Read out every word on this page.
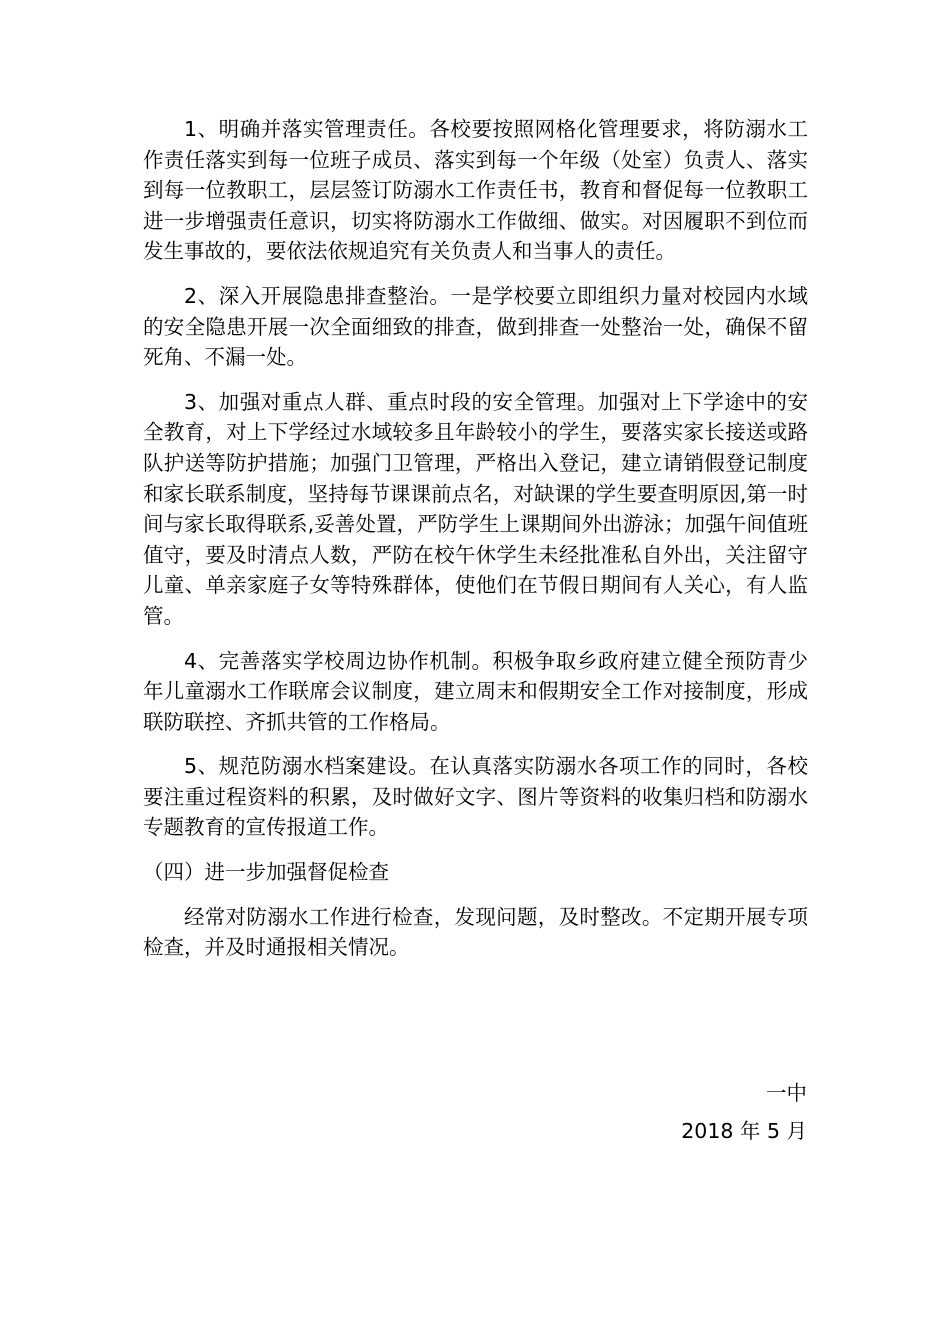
1、明确并落实管理责任。各校要按照网格化管理要求，将防溺水工作责任落实到每一位班子成员、落实到每一个年级（处室）负责人、落实到每一位教职工，层层签订防溺水工作责任书，教育和督促每一位教职工进一步增强责任意识，切实将防溺水工作做细、做实。对因履职不到位而发生事故的，要依法依规追究有关负责人和当事人的责任。

2、深入开展隐患排查整治。一是学校要立即组织力量对校园内水域的安全隐患开展一次全面细致的排查，做到排查一处整治一处，确保不留死角、不漏一处。

3、加强对重点人群、重点时段的安全管理。加强对上下学途中的安全教育，对上下学经过水域较多且年龄较小的学生，要落实家长接送或路队护送等防护措施；加强门卫管理，严格出入登记，建立请销假登记制度和家长联系制度，坚持每节课课前点名，对缺课的学生要查明原因,第一时间与家长取得联系,妥善处置，严防学生上课期间外出游泳；加强午间值班值守，要及时清点人数，严防在校午休学生未经批准私自外出，关注留守儿童、单亲家庭子女等特殊群体，使他们在节假日期间有人关心，有人监管。

4、完善落实学校周边协作机制。积极争取乡政府建立健全预防青少年儿童溺水工作联席会议制度，建立周末和假期安全工作对接制度，形成联防联控、齐抓共管的工作格局。

5、规范防溺水档案建设。在认真落实防溺水各项工作的同时，各校要注重过程资料的积累，及时做好文字、图片等资料的收集归档和防溺水专题教育的宣传报道工作。

（四）进一步加强督促检查

经常对防溺水工作进行检查，发现问题，及时整改。不定期开展专项检查，并及时通报相关情况。

一中
2018 年 5 月
